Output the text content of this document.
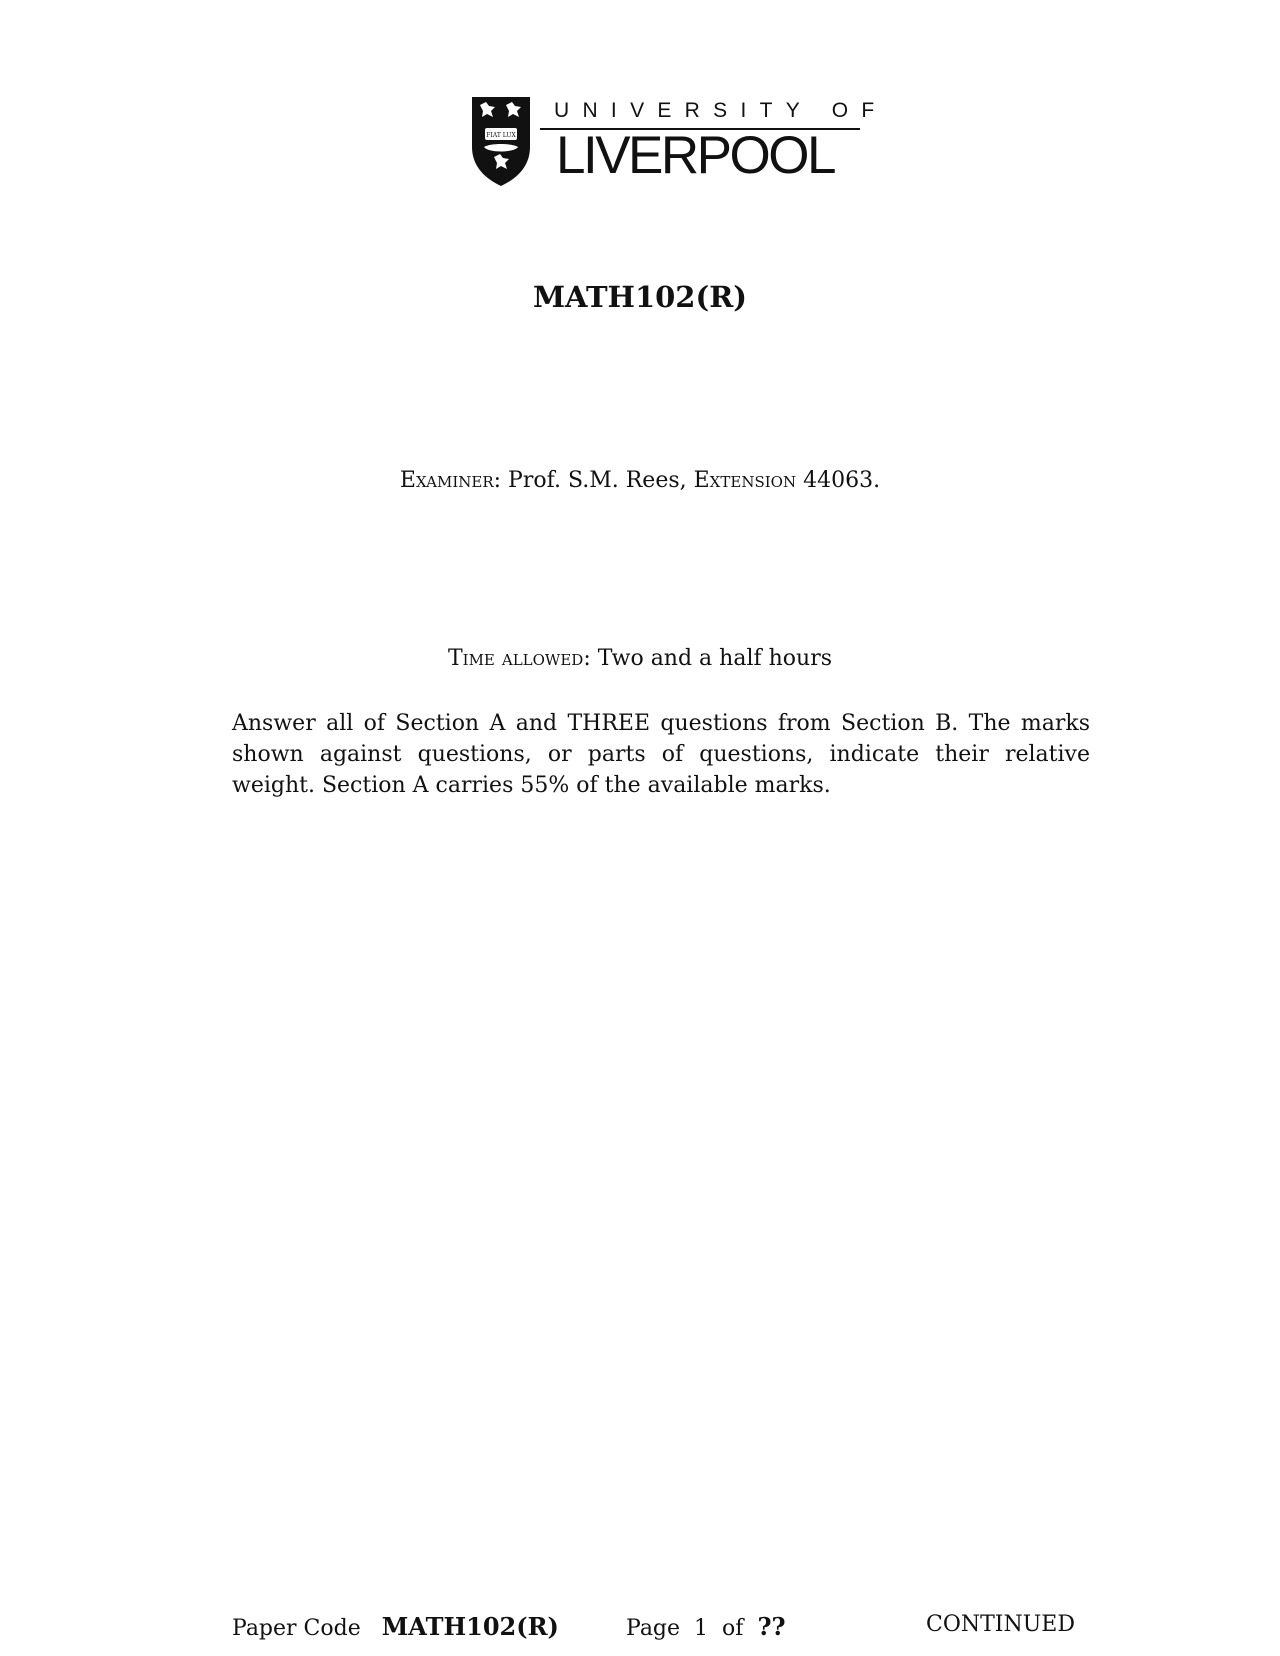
FIAT LUX
UNIVERSITY OF
LIVERPOOL
MATH102(R)
Examiner: Prof. S.M. Rees, Extension 44063.
Time allowed: Two and a half hours

Answer all of Section A and THREE questions from Section B. The marks shown against questions, or parts of questions, indicate their relative weight. Section A carries 55% of the available marks.

Paper Code MATH102(R)	Page 1 of ??	CONTINUED
